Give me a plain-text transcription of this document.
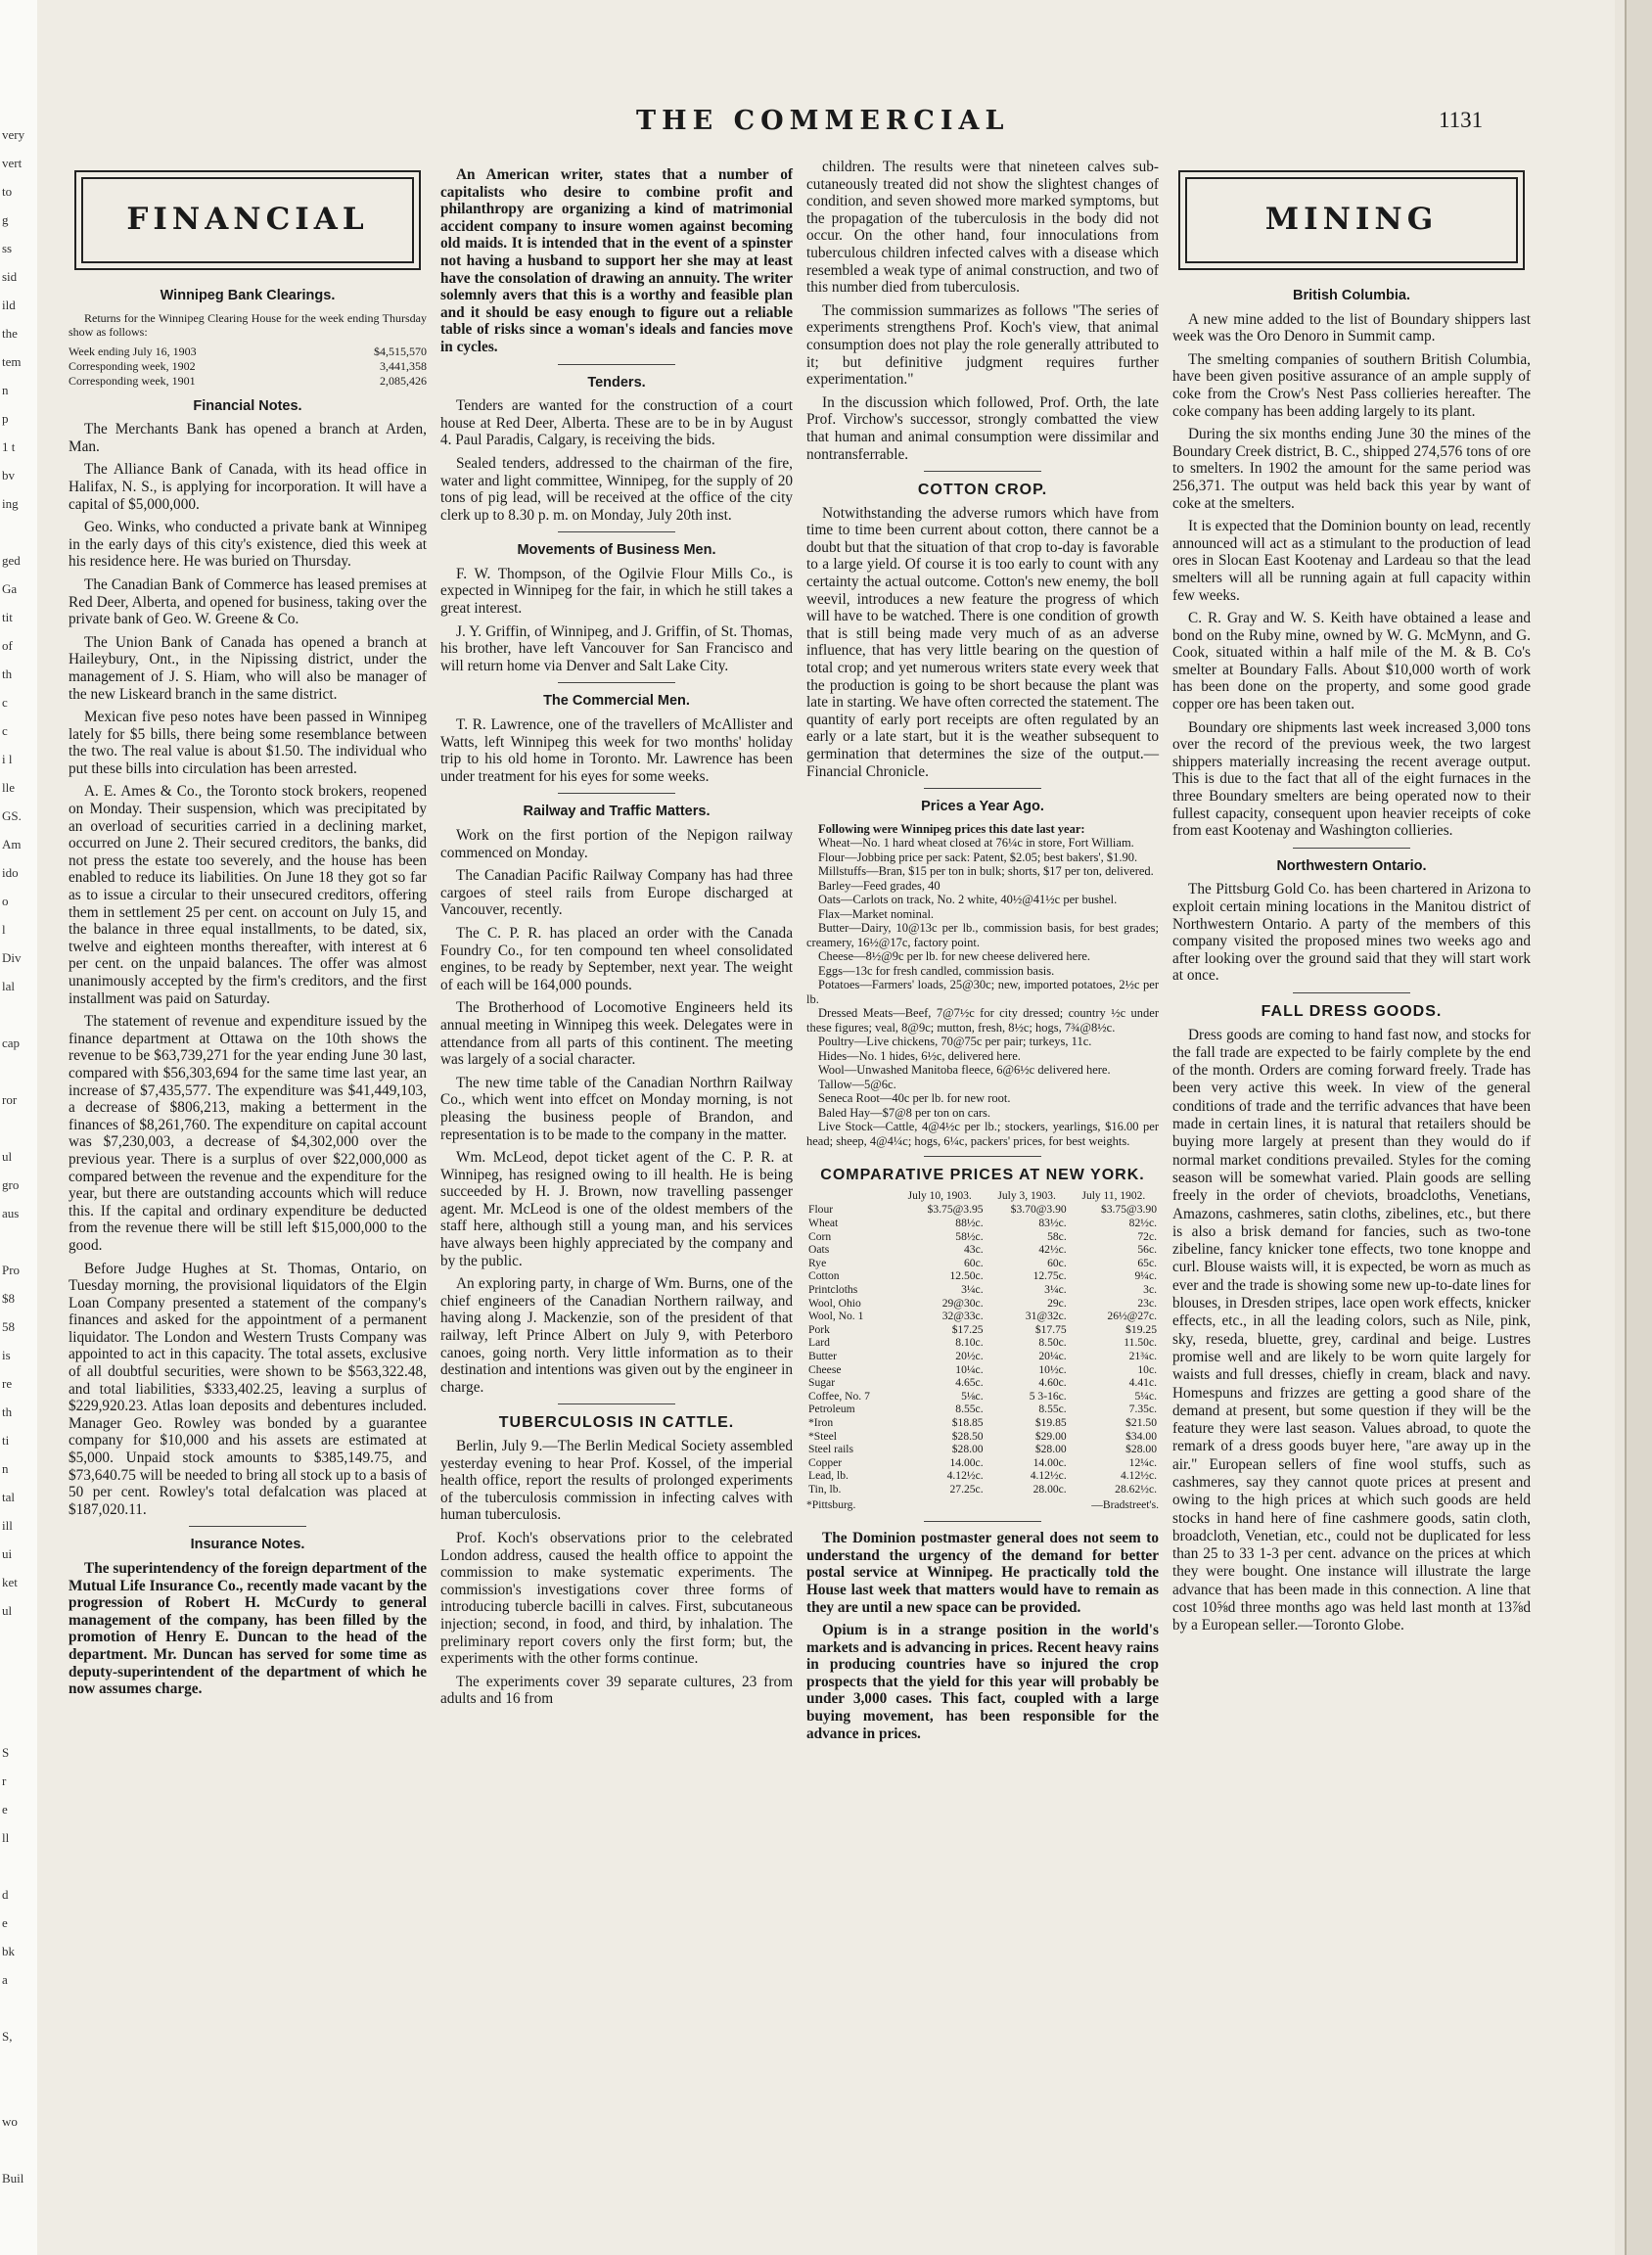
very
vert
to
g
ss
sid
ild
the
tem
n
p
1 t
bv
ing
ged
Ga
tit
of
th
c
c
i l
lle
GS.
Am
ido
o
l
Div
lal
cap
ror
ul
gro
aus
Pro
$8
58
is
re
th
ti
n
tal
ill
ui
ket
ul
S
r
e
ll
d
e
bk
a
S,
wo
Buil
THE COMMERCIAL	1131
FINANCIAL
Winnipeg Bank Clearings.

Returns for the Winnipeg Clearing House for the week ending Thursday show as follows:

Week ending July 16, 1903	$4,515,570
Corresponding week, 1902	3,441,358
Corresponding week, 1901	2,085,426
Financial Notes.

The Merchants Bank has opened a branch at Arden, Man.

The Alliance Bank of Canada, with its head office in Halifax, N. S., is applying for incorporation. It will have a capital of $5,000,000.

Geo. Winks, who conducted a private bank at Winnipeg in the early days of this city's existence, died this week at his residence here. He was buried on Thursday.

The Canadian Bank of Commerce has leased premises at Red Deer, Alberta, and opened for business, taking over the private bank of Geo. W. Greene & Co.

The Union Bank of Canada has opened a branch at Haileybury, Ont., in the Nipissing district, under the management of J. S. Hiam, who will also be manager of the new Liskeard branch in the same district.

Mexican five peso notes have been passed in Winnipeg lately for $5 bills, there being some resemblance between the two. The real value is about $1.50. The individual who put these bills into circulation has been arrested.

A. E. Ames & Co., the Toronto stock brokers, reopened on Monday. Their suspension, which was precipitated by an overload of securities carried in a declining market, occurred on June 2. Their secured creditors, the banks, did not press the estate too severely, and the house has been enabled to reduce its liabilities. On June 18 they got so far as to issue a circular to their unsecured creditors, offering them in settlement 25 per cent. on account on July 15, and the balance in three equal installments, to be dated, six, twelve and eighteen months thereafter, with interest at 6 per cent. on the unpaid balances. The offer was almost unanimously accepted by the firm's creditors, and the first installment was paid on Saturday.

The statement of revenue and expenditure issued by the finance department at Ottawa on the 10th shows the revenue to be $63,739,271 for the year ending June 30 last, compared with $56,303,694 for the same time last year, an increase of $7,435,577. The expenditure was $41,449,103, a decrease of $806,213, making a betterment in the finances of $8,261,760. The expenditure on capital account was $7,230,003, a decrease of $4,302,000 over the previous year. There is a surplus of over $22,000,000 as compared between the revenue and the expenditure for the year, but there are outstanding accounts which will reduce this. If the capital and ordinary expenditure be deducted from the revenue there will be still left $15,000,000 to the good.

Before Judge Hughes at St. Thomas, Ontario, on Tuesday morning, the provisional liquidators of the Elgin Loan Company presented a statement of the company's finances and asked for the appointment of a permanent liquidator. The London and Western Trusts Company was appointed to act in this capacity. The total assets, exclusive of all doubtful securities, were shown to be $563,322.48, and total liabilities, $333,402.25, leaving a surplus of $229,920.23. Atlas loan deposits and debentures included. Manager Geo. Rowley was bonded by a guarantee company for $10,000 and his assets are estimated at $5,000. Unpaid stock amounts to $385,149.75, and $73,640.75 will be needed to bring all stock up to a basis of 50 per cent. Rowley's total defalcation was placed at $187,020.11.

Insurance Notes.

The superintendency of the foreign department of the Mutual Life Insurance Co., recently made vacant by the progression of Robert H. McCurdy to general management of the company, has been filled by the promotion of Henry E. Duncan to the head of the department. Mr. Duncan has served for some time as deputy-superintendent of the department of which he now assumes charge.

An American writer, states that a number of capitalists who desire to combine profit and philanthropy are organizing a kind of matrimonial accident company to insure women against becoming old maids. It is intended that in the event of a spinster not having a husband to support her she may at least have the consolation of drawing an annuity. The writer solemnly avers that this is a worthy and feasible plan and it should be easy enough to figure out a reliable table of risks since a woman's ideals and fancies move in cycles.

Tenders.

Tenders are wanted for the construction of a court house at Red Deer, Alberta. These are to be in by August 4. Paul Paradis, Calgary, is receiving the bids.

Sealed tenders, addressed to the chairman of the fire, water and light committee, Winnipeg, for the supply of 20 tons of pig lead, will be received at the office of the city clerk up to 8.30 p. m. on Monday, July 20th inst.

Movements of Business Men.

F. W. Thompson, of the Ogilvie Flour Mills Co., is expected in Winnipeg for the fair, in which he still takes a great interest.

J. Y. Griffin, of Winnipeg, and J. Griffin, of St. Thomas, his brother, have left Vancouver for San Francisco and will return home via Denver and Salt Lake City.

The Commercial Men.

T. R. Lawrence, one of the travellers of McAllister and Watts, left Winnipeg this week for two months' holiday trip to his old home in Toronto. Mr. Lawrence has been under treatment for his eyes for some weeks.

Railway and Traffic Matters.

Work on the first portion of the Nepigon railway commenced on Monday.

The Canadian Pacific Railway Company has had three cargoes of steel rails from Europe discharged at Vancouver, recently.

The C. P. R. has placed an order with the Canada Foundry Co., for ten compound ten wheel consolidated engines, to be ready by September, next year. The weight of each will be 164,000 pounds.

The Brotherhood of Locomotive Engineers held its annual meeting in Winnipeg this week. Delegates were in attendance from all parts of this continent. The meeting was largely of a social character.

The new time table of the Canadian Northrn Railway Co., which went into effcet on Monday morning, is not pleasing the business people of Brandon, and representation is to be made to the company in the matter.

Wm. McLeod, depot ticket agent of the C. P. R. at Winnipeg, has resigned owing to ill health. He is being succeeded by H. J. Brown, now travelling passenger agent. Mr. McLeod is one of the oldest members of the staff here, although still a young man, and his services have always been highly appreciated by the company and by the public.

An exploring party, in charge of Wm. Burns, one of the chief engineers of the Canadian Northern railway, and having along J. Mackenzie, son of the president of that railway, left Prince Albert on July 9, with Peterboro canoes, going north. Very little information as to their destination and intentions was given out by the engineer in charge.

TUBERCULOSIS IN CATTLE.

Berlin, July 9.—The Berlin Medical Society assembled yesterday evening to hear Prof. Kossel, of the imperial health office, report the results of prolonged experiments of the tuberculosis commission in infecting calves with human tuberculosis.

Prof. Koch's observations prior to the celebrated London address, caused the health office to appoint the commission to make systematic experiments. The commission's investigations cover three forms of introducing tubercle bacilli in calves. First, subcutaneous injection; second, in food, and third, by inhalation. The preliminary report covers only the first form; but, the experiments with the other forms continue.

The experiments cover 39 separate cultures, 23 from adults and 16 from

children. The results were that nineteen calves sub-cutaneously treated did not show the slightest changes of condition, and seven showed more marked symptoms, but the propagation of the tuberculosis in the body did not occur. On the other hand, four innoculations from tuberculous children infected calves with a disease which resembled a weak type of animal construction, and two of this number died from tuberculosis.

The commission summarizes as follows "The series of experiments strengthens Prof. Koch's view, that animal consumption does not play the role generally attributed to it; but definitive judgment requires further experimentation."

In the discussion which followed, Prof. Orth, the late Prof. Virchow's successor, strongly combatted the view that human and animal consumption were dissimilar and nontransferrable.

COTTON CROP.

Notwithstanding the adverse rumors which have from time to time been current about cotton, there cannot be a doubt but that the situation of that crop to-day is favorable to a large yield. Of course it is too early to count with any certainty the actual outcome. Cotton's new enemy, the boll weevil, introduces a new feature the progress of which will have to be watched. There is one condition of growth that is still being made very much of as an adverse influence, that has very little bearing on the question of total crop; and yet numerous writers state every week that the production is going to be short because the plant was late in starting. We have often corrected the statement. The quantity of early port receipts are often regulated by an early or a late start, but it is the weather subsequent to germination that determines the size of the output.—Financial Chronicle.

Prices a Year Ago.

Following were Winnipeg prices this date last year:

Wheat—No. 1 hard wheat closed at 76¼c in store, Fort William.

Flour—Jobbing price per sack: Patent, $2.05; best bakers', $1.90.

Millstuffs—Bran, $15 per ton in bulk; shorts, $17 per ton, delivered.

Barley—Feed grades, 40

Oats—Carlots on track, No. 2 white, 40½@41½c per bushel.

Flax—Market nominal.

Butter—Dairy, 10@13c per lb., commission basis, for best grades; creamery, 16½@17c, factory point.

Cheese—8½@9c per lb. for new cheese delivered here.

Eggs—13c for fresh candled, commission basis.

Potatoes—Farmers' loads, 25@30c; new, imported potatoes, 2½c per lb.

Dressed Meats—Beef, 7@7½c for city dressed; country ½c under these figures; veal, 8@9c; mutton, fresh, 8½c; hogs, 7¾@8½c.

Poultry—Live chickens, 70@75c per pair; turkeys, 11c.

Hides—No. 1 hides, 6½c, delivered here.

Wool—Unwashed Manitoba fleece, 6@6½c delivered here.

Tallow—5@6c.

Seneca Root—40c per lb. for new root.

Baled Hay—$7@8 per ton on cars.

Live Stock—Cattle, 4@4½c per lb.; stockers, yearlings, $16.00 per head; sheep, 4@4¼c; hogs, 6¼c, packers' prices, for best weights.

COMPARATIVE PRICES AT NEW YORK.
	July 10, 1903.	July 3, 1903.	July 11, 1902.
Flour	$3.75@3.95	$3.70@3.90	$3.75@3.90
Wheat	88½c.	83½c.	82½c.
Corn	58½c.	58c.	72c.
Oats	43c.	42½c.	56c.
Rye	60c.	60c.	65c.
Cotton	12.50c.	12.75c.	9¼c.
Printcloths	3¼c.	3¼c.	3c.
Wool, Ohio	29@30c.	29c.	23c.
Wool, No. 1	32@33c.	31@32c.	26½@27c.
Pork	$17.25	$17.75	$19.25
Lard	8.10c.	8.50c.	11.50c.
Butter	20½c.	20¼c.	21¾c.
Cheese	10¼c.	10½c.	10c.
Sugar	4.65c.	4.60c.	4.41c.
Coffee, No. 7	5⅛c.	5 3-16c.	5¼c.
Petroleum	8.55c.	8.55c.	7.35c.
*Iron	$18.85	$19.85	$21.50
*Steel	$28.50	$29.00	$34.00
Steel rails	$28.00	$28.00	$28.00
Copper	14.00c.	14.00c.	12¼c.
Lead, lb.	4.12½c.	4.12½c.	4.12½c.
Tin, lb.	27.25c.	28.00c.	28.62½c.
*Pittsburg.	—Bradstreet's.

The Dominion postmaster general does not seem to understand the urgency of the demand for better postal service at Winnipeg. He practically told the House last week that matters would have to remain as they are until a new space can be provided.

Opium is in a strange position in the world's markets and is advancing in prices. Recent heavy rains in producing countries have so injured the crop prospects that the yield for this year will probably be under 3,000 cases. This fact, coupled with a large buying movement, has been responsible for the advance in prices.

MINING
British Columbia.

A new mine added to the list of Boundary shippers last week was the Oro Denoro in Summit camp.

The smelting companies of southern British Columbia, have been given positive assurance of an ample supply of coke from the Crow's Nest Pass collieries hereafter. The coke company has been adding largely to its plant.

During the six months ending June 30 the mines of the Boundary Creek district, B. C., shipped 274,576 tons of ore to smelters. In 1902 the amount for the same period was 256,371. The output was held back this year by want of coke at the smelters.

It is expected that the Dominion bounty on lead, recently announced will act as a stimulant to the production of lead ores in Slocan East Kootenay and Lardeau so that the lead smelters will all be running again at full capacity within few weeks.

C. R. Gray and W. S. Keith have obtained a lease and bond on the Ruby mine, owned by W. G. McMynn, and G. Cook, situated within a half mile of the M. & B. Co's smelter at Boundary Falls. About $10,000 worth of work has been done on the property, and some good grade copper ore has been taken out.

Boundary ore shipments last week increased 3,000 tons over the record of the previous week, the two largest shippers materially increasing the recent average output. This is due to the fact that all of the eight furnaces in the three Boundary smelters are being operated now to their fullest capacity, consequent upon heavier receipts of coke from east Kootenay and Washington collieries.

Northwestern Ontario.

The Pittsburg Gold Co. has been chartered in Arizona to exploit certain mining locations in the Manitou district of Northwestern Ontario. A party of the members of this company visited the proposed mines two weeks ago and after looking over the ground said that they will start work at once.

FALL DRESS GOODS.

Dress goods are coming to hand fast now, and stocks for the fall trade are expected to be fairly complete by the end of the month. Orders are coming forward freely. Trade has been very active this week. In view of the general conditions of trade and the terrific advances that have been made in certain lines, it is natural that retailers should be buying more largely at present than they would do if normal market conditions prevailed. Styles for the coming season will be somewhat varied. Plain goods are selling freely in the order of cheviots, broadcloths, Venetians, Amazons, cashmeres, satin cloths, zibelines, etc., but there is also a brisk demand for fancies, such as two-tone zibeline, fancy knicker tone effects, two tone knoppe and curl. Blouse waists will, it is expected, be worn as much as ever and the trade is showing some new up-to-date lines for blouses, in Dresden stripes, lace open work effects, knicker effects, etc., in all the leading colors, such as Nile, pink, sky, reseda, bluette, grey, cardinal and beige. Lustres promise well and are likely to be worn quite largely for waists and full dresses, chiefly in cream, black and navy. Homespuns and frizzes are getting a good share of the demand at present, but some question if they will be the feature they were last season. Values abroad, to quote the remark of a dress goods buyer here, "are away up in the air." European sellers of fine wool stuffs, such as cashmeres, say they cannot quote prices at present and owing to the high prices at which such goods are held stocks in hand here of fine cashmere goods, satin cloth, broadcloth, Venetian, etc., could not be duplicated for less than 25 to 33 1-3 per cent. advance on the prices at which they were bought. One instance will illustrate the large advance that has been made in this connection. A line that cost 10⅝d three months ago was held last month at 13⅞d by a European seller.—Toronto Globe.
